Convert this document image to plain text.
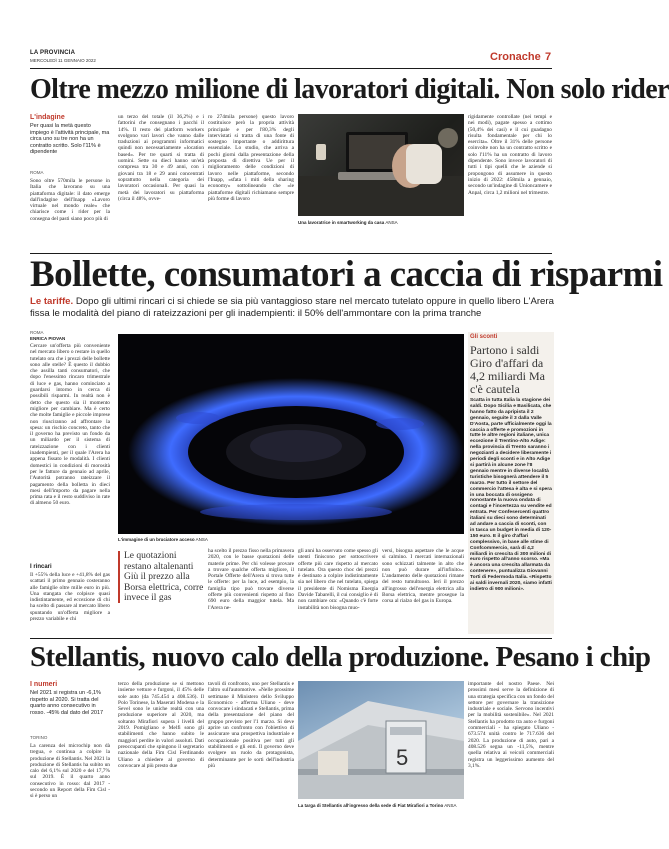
LA PROVINCIA
MERCOLEDÌ 11 GENNAIO 2022	Cronache 7
Oltre mezzo milione di lavoratori digitali. Non solo rider
L'indagine
Per quasi la metà questo impiego è l'attività principale, ma circa uno su tre non ha un contratto scritto. Solo l'11% è dipendente
ROMA
Sono oltre 570mila le persone in Italia che lavorano su una piattaforma digitale: il dato emerge dall'indagine dell'Inapp «Lavoro virtuale nel mondo reale» che chiarisce come i rider per la consegna del pasti siano poco più di
un terzo del totale (il 36,2%) e i fattorini che consegnano i pacchi il 14%. Il resto dei platform workers svolgono vari lavori che vanno dalle traduzioni ai programmi informatici quindi non necessariamente «location based». Per tre quarti si tratta di uomini. Sette su dieci hanno un'età compresa tra 30 e 49 anni, con i giovani tra 18 e 29 anni concentrati soprattutto nella categoria dei lavoratori occasionali. Per quasi la metà dei lavoratori su piattaforma (circa il 48%, ovve-
ro 274mila persone) questo lavoro costituisce però la propria attività principale e per l'80,3% degli intervistati si tratta di una fonte di sostegno importante o addirittura essenziale. Lo studio, che arriva a pochi giorni dalla presentazione della proposta di direttiva Ue per il miglioramento delle condizioni di lavoro nelle piattaforme, secondo l'Inapp, «sfata i miti della sharing economy» sottolineando che «le piattaforme digitali richiamano sempre più forme di lavoro
Una lavoratrice in smartworking da casa ANSA
rigidamente controllate (nei tempi e nei modi), pagate spesso a cottimo (50,4% dei casi) e il cui guadagno risulta fondamentale per chi lo esercita». Oltre il 31% delle persone coinvolte non ha un contratto scritto e solo l'11% ha un contratto di lavoro dipendente. Sono invece lavoratori di tutti i tipi quelli che le aziende si propongono di assumere in questo inizio di 2022: 458mila a gennaio, secondo un'indagine di Unioncamere e Anpal, circa 1,2 milioni nel trimestre.
Bollette, consumatori a caccia di risparmi
Le tariffe. Dopo gli ultimi rincari ci si chiede se sia più vantaggioso stare nel mercato tutelato oppure in quello libero L'Arera fissa le modalità del piano di rateizzazioni per gli inadempienti: il 50% dell'ammontare con la prima tranche
ROMA
ENRICA PIOVAN
Cercare un'offerta più conveniente nel mercato libero o restare in quello tutelato ora che i prezzi delle bollette sono alle stelle? È questo il dubbio che assilla tanti consumatori, che dopo l'enessimo rincaro trimestrale di luce e gas, hanno cominciato a guardarsi intorno in cerca di possibili risparmi. In realtà non è detto che questo sia il momento migliore per cambiare. Ma è certo che molte famiglie e piccole imprese non riusciranno ad affrontare la spesa: un rischio concreto, tanto che il governo ha previsto un fondo da un miliardo per il sistema di rateizzazione con i clienti inadempienti, per il quale l'Arera ha appena fissato le modalità. I clienti domestici in condizioni di morosità per le fatture da gennaio ad aprile, l'Autorità potranno rateizzare il pagamento della bolletta in dieci mesi dell'importo da pagare nella prima rata e il resto suddiviso in rate di almeno 50 euro.
I rincari
Il +55% della luce e +41,8% del gas scattati il primo gennaio costeranno alle famiglie oltre mille euro in più. Una stangata che colpisce quasi indistintamente, ed eccezione di chi ha scelto di passare al mercato libero spuntando un'offerta migliore a prezzo variabile e chi
L'immagine di un bruciatore acceso ANSA
Le quotazioni restano altalenanti Giù il prezzo alla Borsa elettrica, corre invece il gas
ha scelto il prezzo fisso nella primavera 2020, con le basse quotazioni delle materie prime. Per chi volesse provare a trovare qualche offerta migliore, il Portale Offerte dell'Arera si trova tutte le offerte: per la luce, ad esempio, la famiglia tipo può trovare diverse offerte più convenienti rispetto al fino 690 euro della maggior tutela. Ma l'Arera ne-
gli anni ha osservato come spesso gli utenti finiscono per sottoscrivere offerte più care rispetto al mercato tutelato. Ora questo choc dei prezzi è destinato a colpire indistintamente sia nel libero che nel tutelato, spiega il presidente di Nomisma Energia Davide Tabarelli, il cui consiglio è di non cambiare ora: «Quando c'è forte instabilità non bisogna muo-
versi, bisogna aspettare che le acque si calmino. I mercati internazionali sono schizzati talmente in alto che non può durare all'infinito». L'andamento delle quotazioni rimane del resto tumultuoso. Ieri il prezzo all'ingrosso dell'energia elettrica alla Borsa elettrica, mentre prosegue la corsa al rialzo del gas in Europa.
Gli sconti
Partono i saldi Giro d'affari da 4,2 miliardi Ma c'è cautela
Scatta in tutta Italia la stagione dei saldi. Dopo Sicilia e Basilicata, che hanno fatto da apripista il 2 gennaio, seguite il 3 dalla Valle D'Aosta, parte ufficialmente oggi la caccia a offerte e promozioni in tutte le altre regioni italiane, unica eccezione il Trentino-Alto Adige: nella provincia di Trento saranno i negozianti a decidere liberamente i periodi degli sconti e in Alto Adige si partirà in alcune zone l'8 gennaio mentre in diverse località turistiche bisognerà attendere il 5 marzo. Per tutto il settore del commercio l'attesa è alta e si spera in una boccata di ossigeno nonostante la nuova ondata di contagi e l'incertezza su vendite ed entrata. Per Confesercenti quattro italiani su dieci sono determinati ad andare a caccia di sconti, con in tasca un budget in media di 120-150 euro. E il giro d'affari complessivo, in base alle stime di Confcommercio, sarà di 4,2 miliardi in crescita di 300 milioni di euro rispetto all'anno scorso. «Ma è ancora una crescita allarmata da contenere», puntualizza Giovanni Torti di Federmoda Italia. «Rispetto ai saldi invernali 2020, siamo infatti indietro di 900 milioni».
Stellantis, nuovo calo della produzione. Pesano i chip
I numeri
Nel 2021 si registra un -6,1% rispetto al 2020. Si tratta del quarto anno consecutivo in rosso. -45% dal dato del 2017
TORINO
La carenza dei microchip non dà tregua, e continua a colpire la produzione di Stellantis. Nel 2021 la produzione di Stellantis ha subito un calo del 6,1% sul 2020 e del 17,7% sul 2019. È il quarto anno consecutivo in rosso: dal 2017 - secondo un Report della Fim Cisl - si è perso un
terzo della produzione se si mettono insieme vetture e furgoni, il 45% delle sole auto (da 745.454 a 408.536). Il Polo Torinese, la Maserati Modena e la Sevel sono le uniche realtà con una produzione superiore al 2020, ma soltanto Mirafiori supera i livelli del 2019. Pomigliano e Melfi sono gli stabilimenti che hanno subito le maggiori perdite in valori assoluti. Dati preoccupanti che spingono il segretario nazionale della Fim Cisl Ferdinando Uliano a chiedere al governo di convocare al più presto due
tavoli di confronto, uno per Stellantis e l'altro sull'automotive. «Nelle prossime settimane il Ministero dello Sviluppo Economico - afferma Uliano - deve convocare i sindacati e Stellantis, prima della presentazione del piano del gruppo previsto per l'1 marzo. Si deve aprire un confronto con l'obiettivo di assicurare una prospettiva industriale e occupazionale positiva per tutti gli stabilimenti e gli enti. Il governo deve svolgere un ruolo da protagonista, determinante per le sorti dell'industria più	5
La targa di Stellantis all'ingresso della sede di Fiat Mirafiori a Torino ANSA
importante del nostro Paese. Nei prossimi mesi serve la definizione di una strategia specifica con un fondo del settore per governare la transizione industriale e sociale. Servono incentivi per la mobilità sostenibile». Nel 2021 Stellantis ha prodotto tra auto e furgoni commerciali - ha spiegato Uliano - 673.574 unità contro le 717.636 del 2020. La produzione di auto, pari a 408.526 segna un -11,5%, mentre quella relativa ai veicoli commerciali registra un leggerissimo aumento del 3,1%.
